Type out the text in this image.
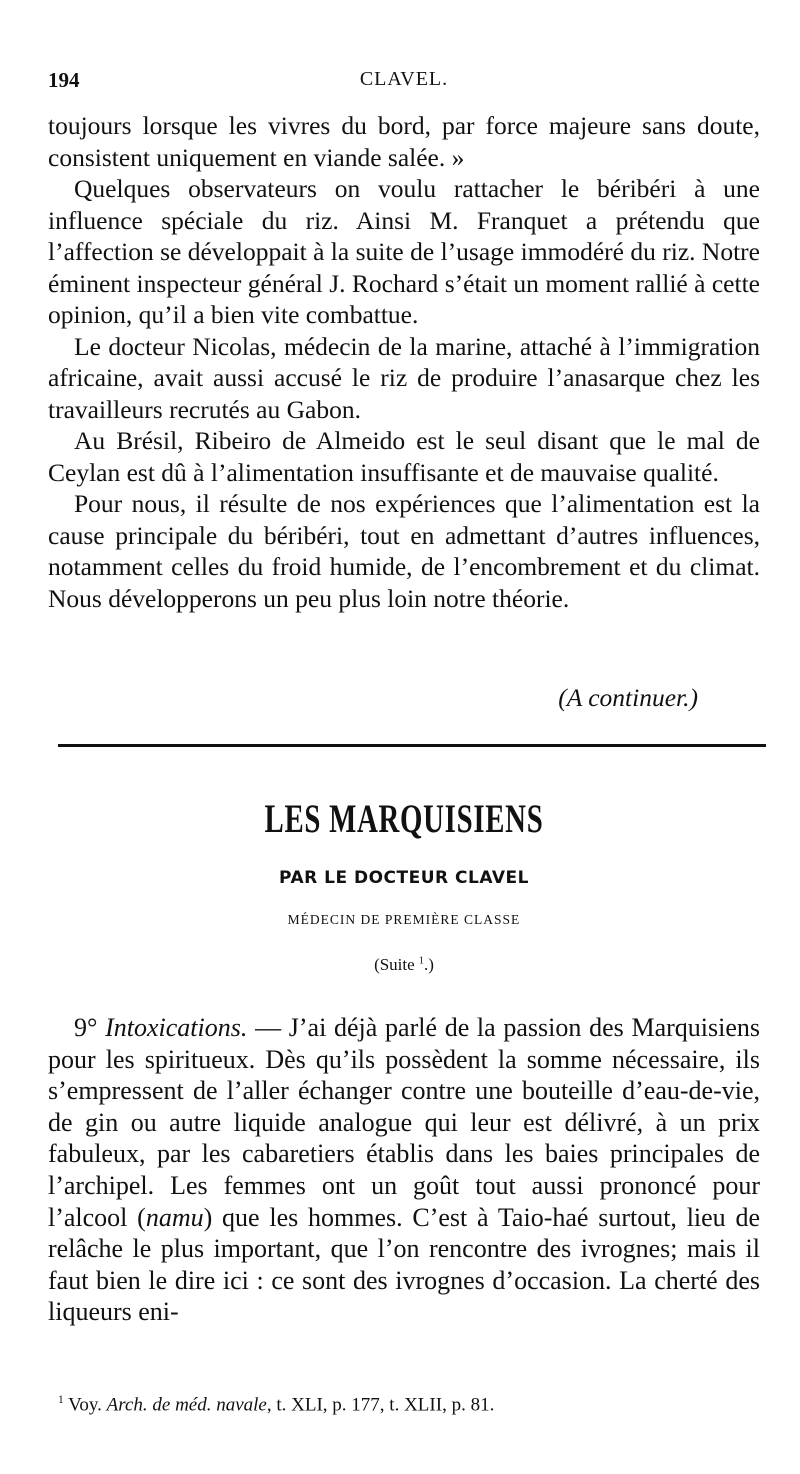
194	CLAVEL.

toujours lorsque les vivres du bord, par force majeure sans doute, consistent uniquement en viande salée. »

Quelques observateurs on voulu rattacher le béribéri à une influence spéciale du riz. Ainsi M. Franquet a prétendu que l’affection se développait à la suite de l’usage immodéré du riz. Notre éminent inspecteur général J. Rochard s’était un moment rallié à cette opinion, qu’il a bien vite combattue.

Le docteur Nicolas, médecin de la marine, attaché à l’immigration africaine, avait aussi accusé le riz de produire l’anasarque chez les travailleurs recrutés au Gabon.

Au Brésil, Ribeiro de Almeido est le seul disant que le mal de Ceylan est dû à l’alimentation insuffisante et de mauvaise qualité.

Pour nous, il résulte de nos expériences que l’alimentation est la cause principale du béribéri, tout en admettant d’autres influences, notamment celles du froid humide, de l’encombrement et du climat. Nous développerons un peu plus loin notre théorie.

(A continuer.)
LES MARQUISIENS
PAR LE DOCTEUR CLAVEL
MÉDECIN DE PREMIÈRE CLASSE
(Suite $^1$.)

9° Intoxications. — J’ai déjà parlé de la passion des Marquisiens pour les spiritueux. Dès qu’ils possèdent la somme nécessaire, ils s’empressent de l’aller échanger contre une bouteille d’eau-de-vie, de gin ou autre liquide analogue qui leur est délivré, à un prix fabuleux, par les cabaretiers établis dans les baies principales de l’archipel. Les femmes ont un goût tout aussi prononcé pour l’alcool (namu) que les hommes. C’est à Taio-haé surtout, lieu de relâche le plus important, que l’on rencontre des ivrognes; mais il faut bien le dire ici : ce sont des ivrognes d’occasion. La cherté des liqueurs eni-

$^1$ Voy. Arch. de méd. navale, t. XLI, p. 177, t. XLII, p. 81.
